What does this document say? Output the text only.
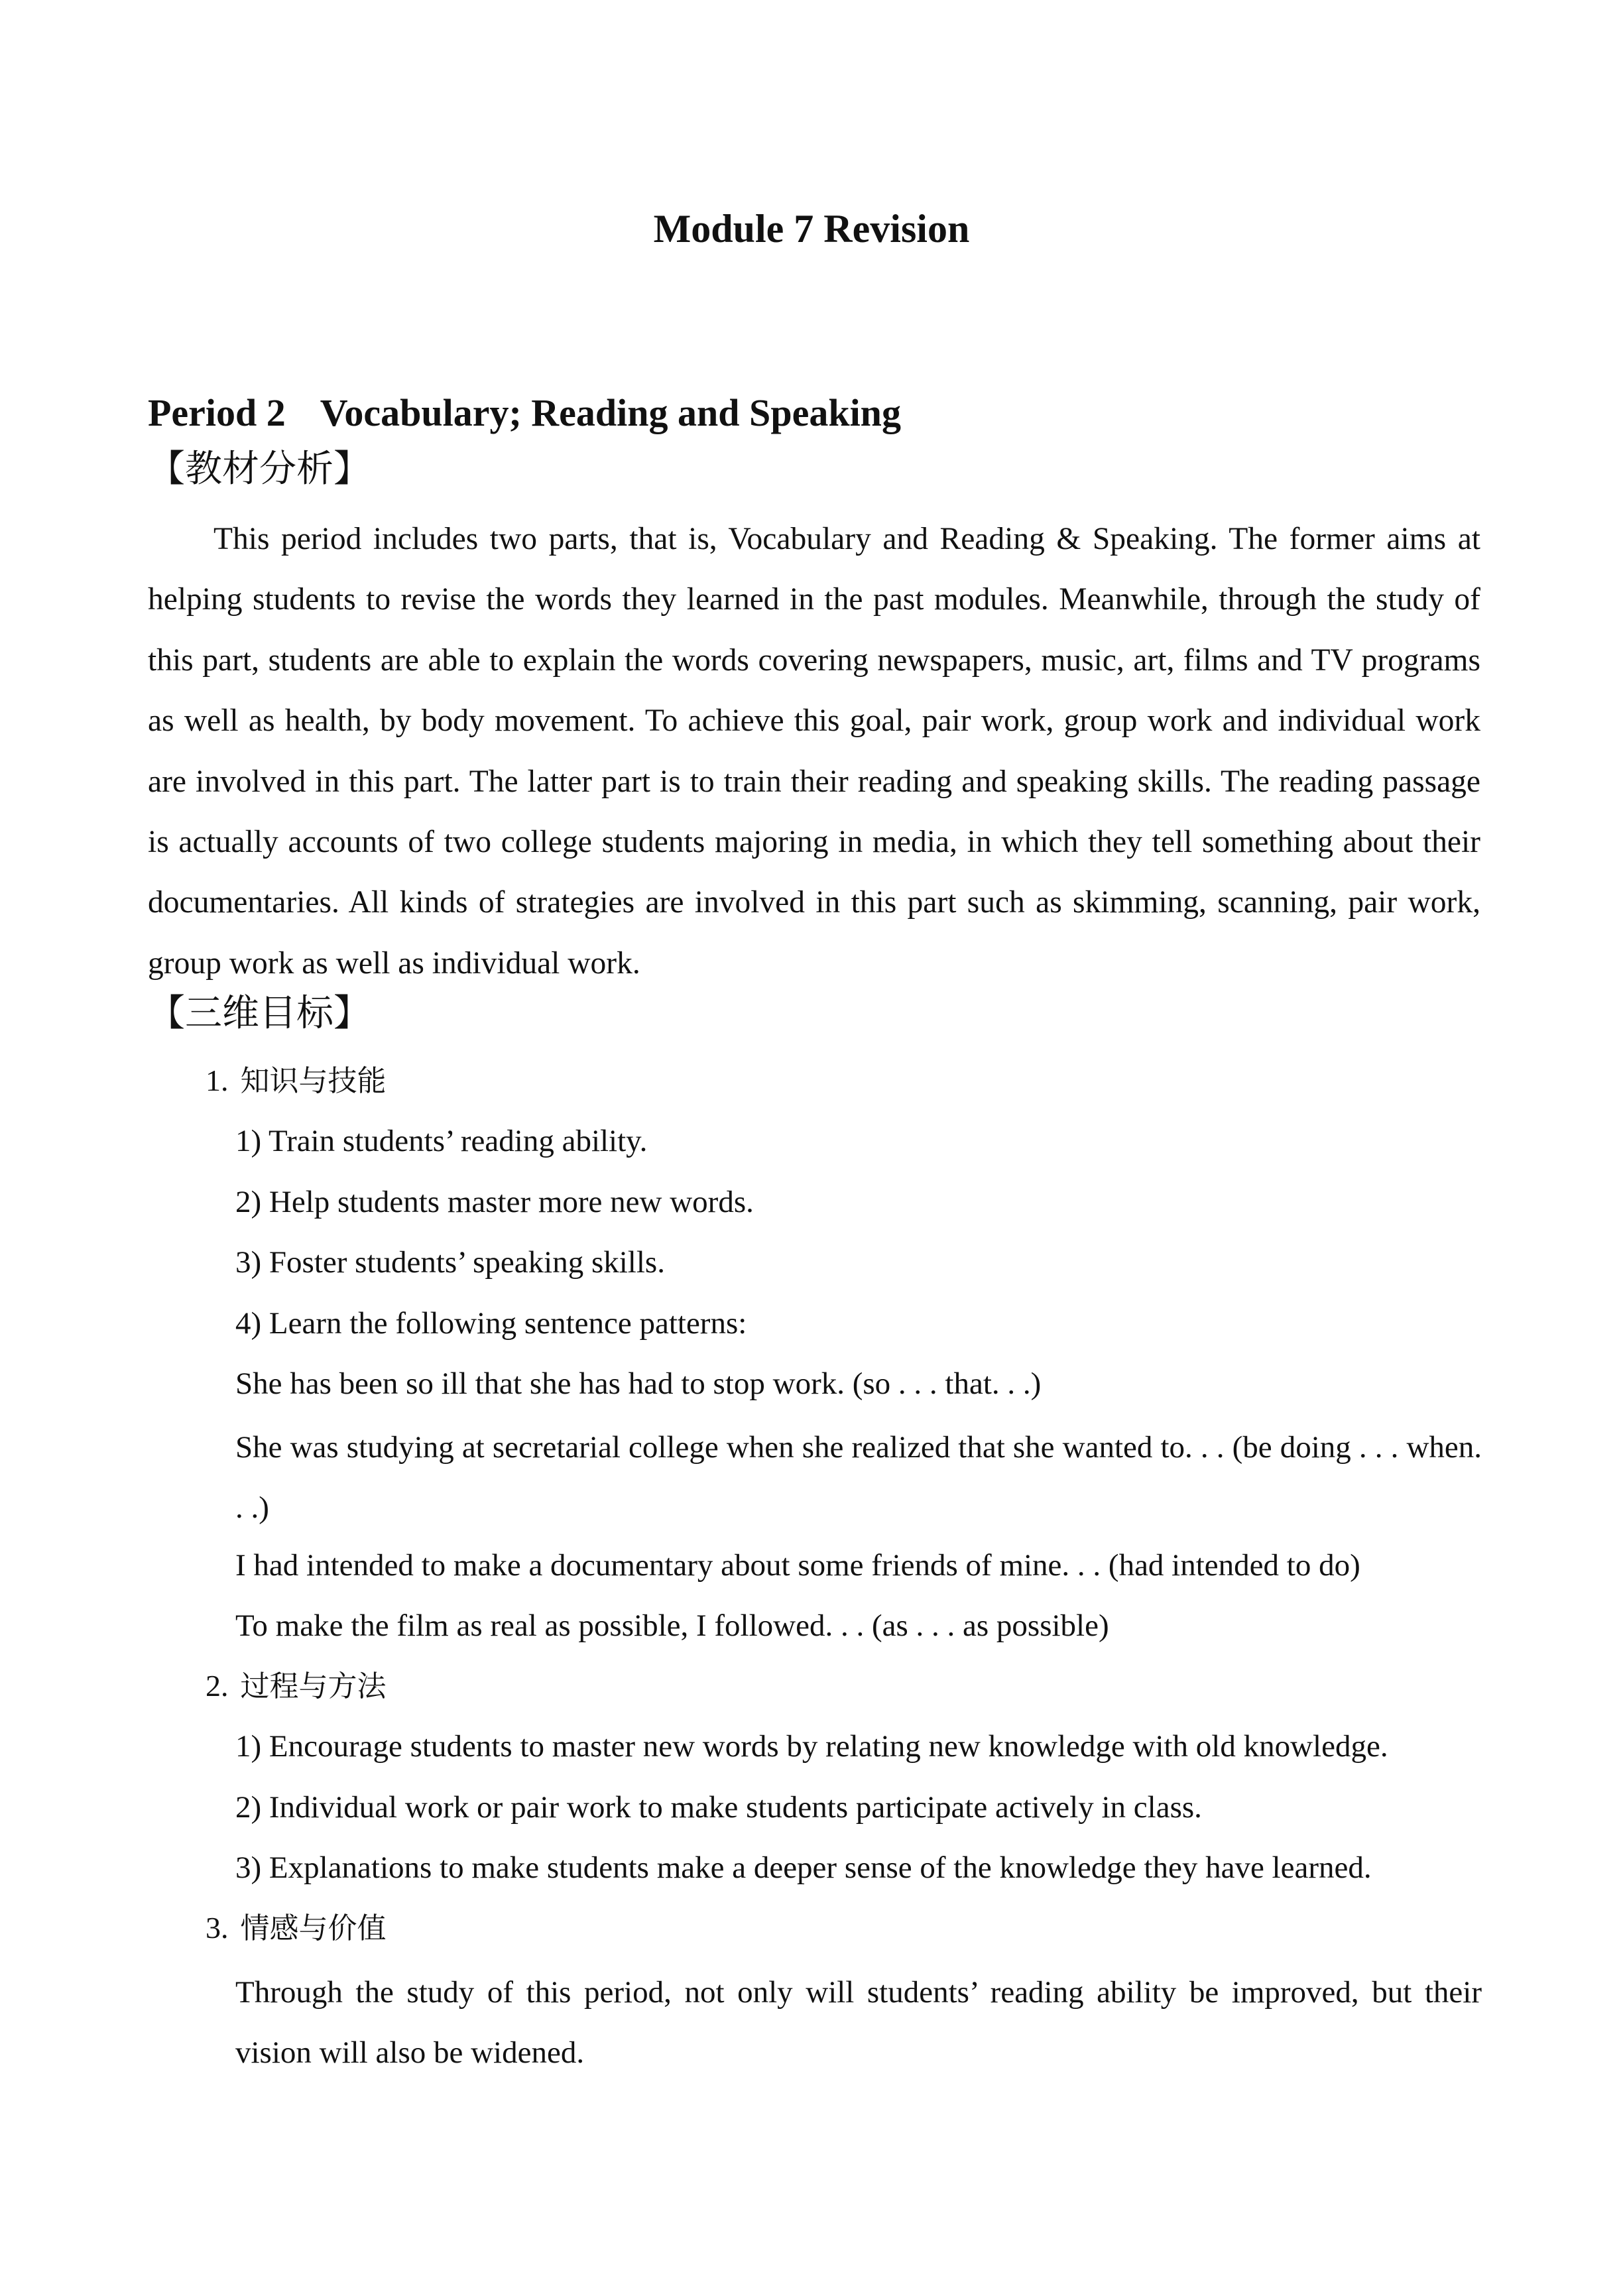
Module 7 Revision
Period 2 Vocabulary; Reading and Speaking
【教材分析】

This period includes two parts, that is, Vocabulary and Reading & Speaking. The former aims at helping students to revise the words they learned in the past modules. Meanwhile, through the study of this part, students are able to explain the words covering newspapers, music, art, films and TV programs as well as health, by body movement. To achieve this goal, pair work, group work and individual work are involved in this part. The latter part is to train their reading and speaking skills. The reading passage is actually accounts of two college students majoring in media, in which they tell something about their documentaries. All kinds of strategies are involved in this part such as skimming, scanning, pair work, group work as well as individual work.

【三维目标】
1. 知识与技能

1) Train students’ reading ability.

2) Help students master more new words.

3) Foster students’ speaking skills.

4) Learn the following sentence patterns:

She has been so ill that she has had to stop work. (so . . . that. . .)

She was studying at secretarial college when she realized that she wanted to. . . (be doing . . . when. . .)

I had intended to make a documentary about some friends of mine. . . (had intended to do)

To make the film as real as possible, I followed. . . (as . . . as possible)

2. 过程与方法

1) Encourage students to master new words by relating new knowledge with old knowledge.

2) Individual work or pair work to make students participate actively in class.

3) Explanations to make students make a deeper sense of the knowledge they have learned.

3. 情感与价值

Through the study of this period, not only will students’ reading ability be improved, but their vision will also be widened.
